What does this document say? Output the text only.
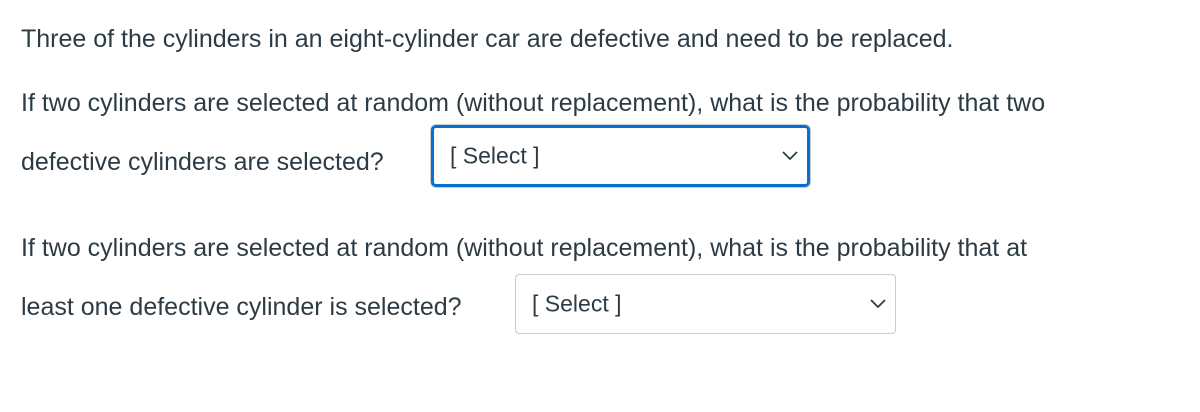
Three of the cylinders in an eight-cylinder car are defective and need to be replaced.
If two cylinders are selected at random (without replacement), what is the probability that two
defective cylinders are selected?	[ Select ]
If two cylinders are selected at random (without replacement), what is the probability that at
least one defective cylinder is selected?	[ Select ]
